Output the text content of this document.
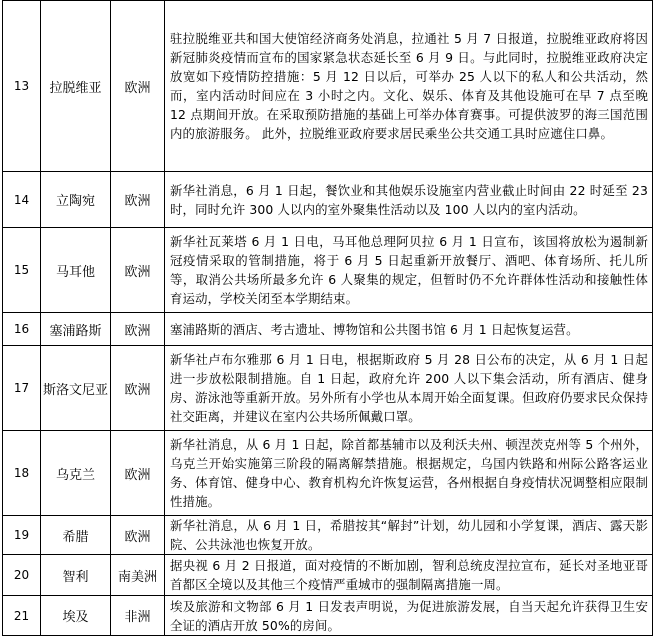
13	拉脱维亚	欧洲	驻拉脱维亚共和国大使馆经济商务处消息，拉通社 5 月 7 日报道，拉脱维亚政府将因新冠肺炎疫情而宣布的国家紧急状态延长至 6 月 9 日。与此同时，拉脱维亚政府决定放宽如下疫情防控措施：5 月 12 日以后，可举办 25 人以下的私人和公共活动，然而，室内活动时间应在 3 小时之内。文化、娱乐、体育及其他设施可在早 7 点至晚 12 点期间开放。在采取预防措施的基础上可举办体育赛事。可提供波罗的海三国范围内的旅游服务。 此外，拉脱维亚政府要求居民乘坐公共交通工具时应遮住口鼻。
14	立陶宛	欧洲	新华社消息，6 月 1 日起，餐饮业和其他娱乐设施室内营业截止时间由 22 时延至 23 时，同时允许 300 人以内的室外聚集性活动以及 100 人以内的室内活动。
15	马耳他	欧洲	新华社瓦莱塔 6 月 1 日电，马耳他总理阿贝拉 6 月 1 日宣布，该国将放松为遏制新冠疫情采取的管制措施，将于 6 月 5 日起重新开放餐厅、酒吧、体育场所、托儿所等，取消公共场所最多允许 6 人聚集的规定，但暂时仍不允许群体性活动和接触性体育运动，学校关闭至本学期结束。
16	塞浦路斯	欧洲	塞浦路斯的酒店、考古遗址、博物馆和公共图书馆 6 月 1 日起恢复运营。
17	斯洛文尼亚	欧洲	新华社卢布尔雅那 6 月 1 日电，根据斯政府 5 月 28 日公布的决定，从 6 月 1 日起进一步放松限制措施。自 1 日起，政府允许 200 人以下集会活动，所有酒店、健身房、游泳池等重新开放。另外所有小学也从本周开始全面复课。但政府仍要求民众保持社交距离，并建议在室内公共场所佩戴口罩。
18	乌克兰	欧洲	新华社消息，从 6 月 1 日起，除首都基辅市以及利沃夫州、顿涅茨克州等 5 个州外，乌克兰开始实施第三阶段的隔离解禁措施。根据规定，乌国内铁路和州际公路客运业务、体育馆、健身中心、教育机构允许恢复运营，各州根据自身疫情状况调整相应限制性措施。
19	希腊	欧洲	新华社消息，从 6 月 1 日，希腊按其“解封”计划，幼儿园和小学复课，酒店、露天影院、公共泳池也恢复开放。
20	智利	南美洲	据央视 6 月 2 日报道，面对疫情的不断加剧，智利总统皮涅拉宣布，延长对圣地亚哥首都区全境以及其他三个疫情严重城市的强制隔离措施一周。
21	埃及	非洲	埃及旅游和文物部 6 月 1 日发表声明说，为促进旅游发展，自当天起允许获得卫生安全证的酒店开放 50%的房间。
